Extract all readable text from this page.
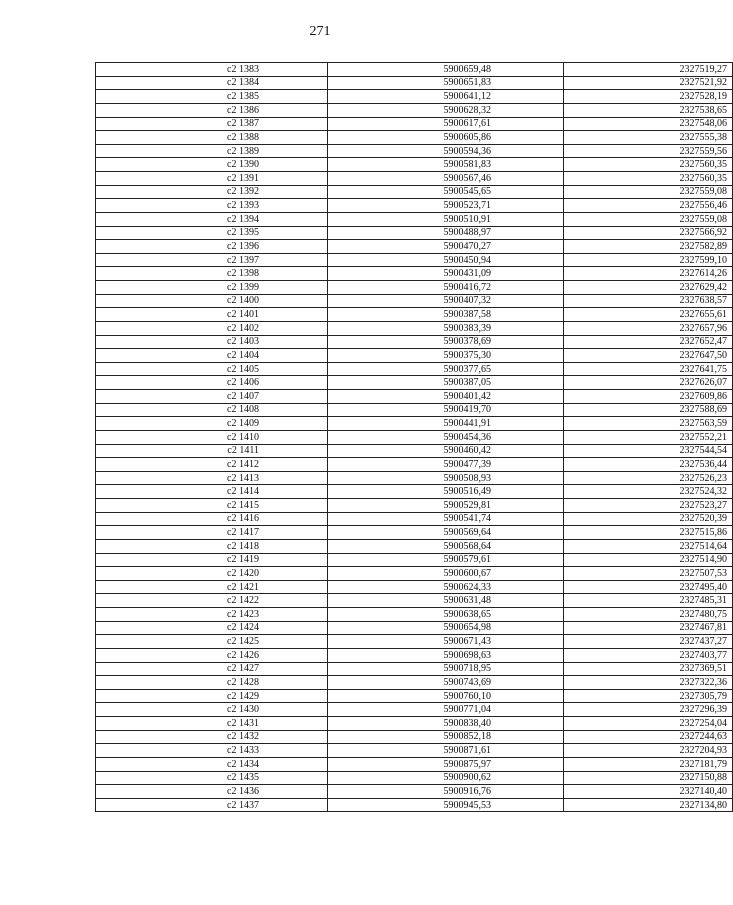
271
c2 1383	5900659,48	2327519,27
c2 1384	5900651,83	2327521,92
c2 1385	5900641,12	2327528,19
c2 1386	5900628,32	2327538,65
c2 1387	5900617,61	2327548,06
c2 1388	5900605,86	2327555,38
c2 1389	5900594,36	2327559,56
c2 1390	5900581,83	2327560,35
c2 1391	5900567,46	2327560,35
c2 1392	5900545,65	2327559,08
c2 1393	5900523,71	2327556,46
c2 1394	5900510,91	2327559,08
c2 1395	5900488,97	2327566,92
c2 1396	5900470,27	2327582,89
c2 1397	5900450,94	2327599,10
c2 1398	5900431,09	2327614,26
c2 1399	5900416,72	2327629,42
c2 1400	5900407,32	2327638,57
c2 1401	5900387,58	2327655,61
c2 1402	5900383,39	2327657,96
c2 1403	5900378,69	2327652,47
c2 1404	5900375,30	2327647,50
c2 1405	5900377,65	2327641,75
c2 1406	5900387,05	2327626,07
c2 1407	5900401,42	2327609,86
c2 1408	5900419,70	2327588,69
c2 1409	5900441,91	2327563,59
c2 1410	5900454,36	2327552,21
c2 1411	5900460,42	2327544,54
c2 1412	5900477,39	2327536,44
c2 1413	5900508,93	2327526,23
c2 1414	5900516,49	2327524,32
c2 1415	5900529,81	2327523,27
c2 1416	5900541,74	2327520,39
c2 1417	5900569,64	2327515,86
c2 1418	5900568,64	2327514,64
c2 1419	5900579,61	2327514,90
c2 1420	5900600,67	2327507,53
c2 1421	5900624,33	2327495,40
c2 1422	5900631,48	2327485,31
c2 1423	5900638,65	2327480,75
c2 1424	5900654,98	2327467,81
c2 1425	5900671,43	2327437,27
c2 1426	5900698,63	2327403,77
c2 1427	5900718,95	2327369,51
c2 1428	5900743,69	2327322,36
c2 1429	5900760,10	2327305,79
c2 1430	5900771,04	2327296,39
c2 1431	5900838,40	2327254,04
c2 1432	5900852,18	2327244,63
c2 1433	5900871,61	2327204,93
c2 1434	5900875,97	2327181,79
c2 1435	5900900,62	2327150,88
c2 1436	5900916,76	2327140,40
c2 1437	5900945,53	2327134,80
